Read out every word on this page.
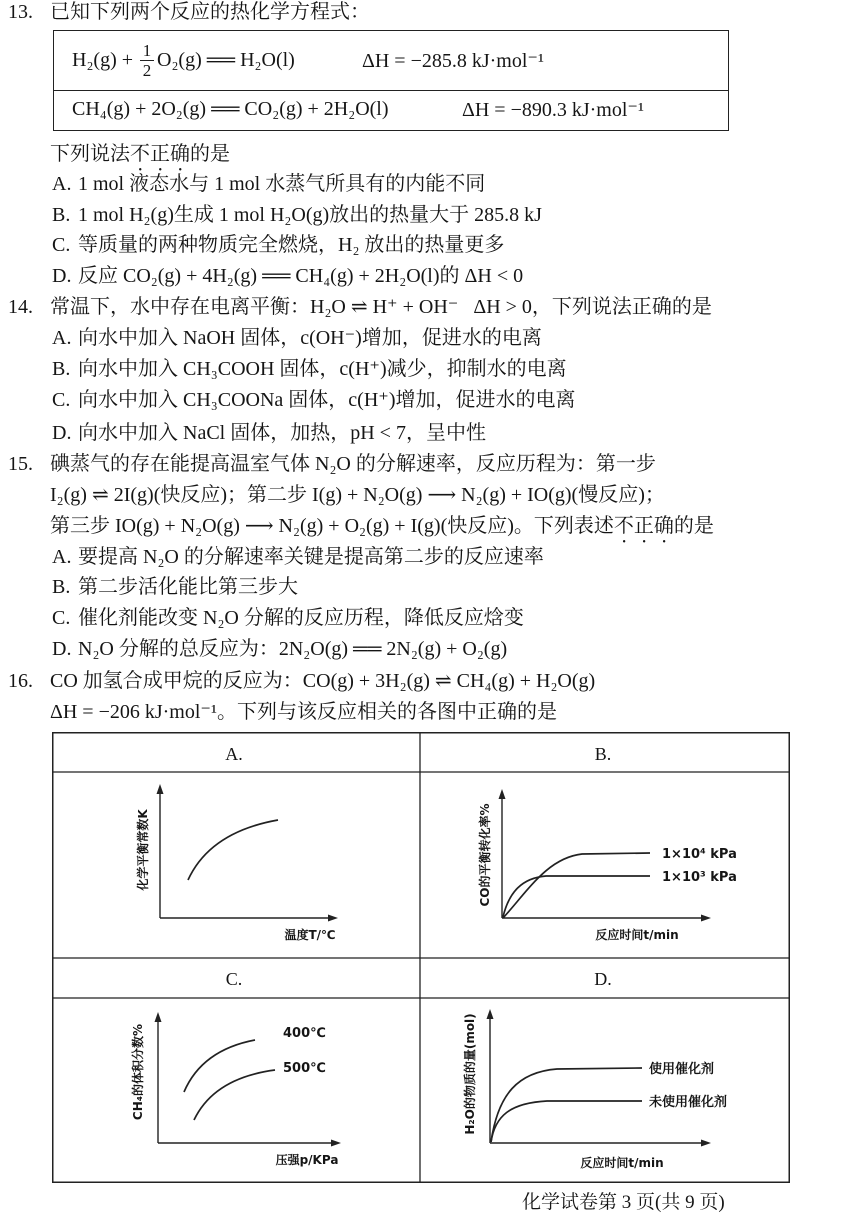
13.

已知下列两个反应的热化学方程式：

$H_2(g) + \frac{1}{2} O_2(g)$ ══ H₂O(l)

	ΔH = −285.8 kJ·mol⁻¹

CH₄(g) + 2O₂(g) ══ CO₂(g) + 2H₂O(l)

	ΔH = −890.3 kJ·mol⁻¹

下列说法不正确的是

A.

1 mol 液态水与 1 mol 水蒸气所具有的内能不同

B.

1 mol H₂(g)生成 1 mol H₂O(g)放出的热量大于 285.8 kJ

C.

等质量的两种物质完全燃烧，H₂ 放出的热量更多

D.

反应 CO₂(g) + 4H₂(g) ══ CH₄(g) + 2H₂O(l)的 ΔH < 0

14.

常温下，水中存在电离平衡：H₂O ⇌ H⁺ + OH⁻   ΔH > 0，下列说法正确的是

A.

向水中加入 NaOH 固体，c(OH⁻)增加，促进水的电离

B.

向水中加入 CH₃COOH 固体，c(H⁺)减少，抑制水的电离

C.

向水中加入 CH₃COONa 固体，c(H⁺)增加，促进水的电离

D.

向水中加入 NaCl 固体，加热，pH < 7，呈中性

15.

碘蒸气的存在能提高温室气体 N₂O 的分解速率，反应历程为：第一步

I₂(g) ⇌ 2I(g)(快反应)；第二步 I(g) + N₂O(g) ⟶ N₂(g) + IO(g)(慢反应)；

第三步 IO(g) + N₂O(g) ⟶ N₂(g) + O₂(g) + I(g)(快反应)。下列表述不正确的是

A.

要提高 N₂O 的分解速率关键是提高第二步的反应速率

B.

第二步活化能比第三步大

C.

催化剂能改变 N₂O 分解的反应历程，降低反应焓变

D.

N₂O 分解的总反应为：2N₂O(g) ══ 2N₂(g) + O₂(g)

16.

CO 加氢合成甲烷的反应为：CO(g) + 3H₂(g) ⇌ CH₄(g) + H₂O(g)

ΔH = −206 kJ·mol⁻¹。下列与该反应相关的各图中正确的是

A.	B.
C.	D.
化学平衡常数K
温度T/℃
1×10⁴ kPa
1×10³ kPa
CO的平衡转化率%
反应时间t/min
400℃
500℃
CH₄的体积分数%
压强p/KPa
使用催化剂
未使用催化剂
H₂O的物质的量(mol)
反应时间t/min
化学试卷第 3 页(共 9 页)
